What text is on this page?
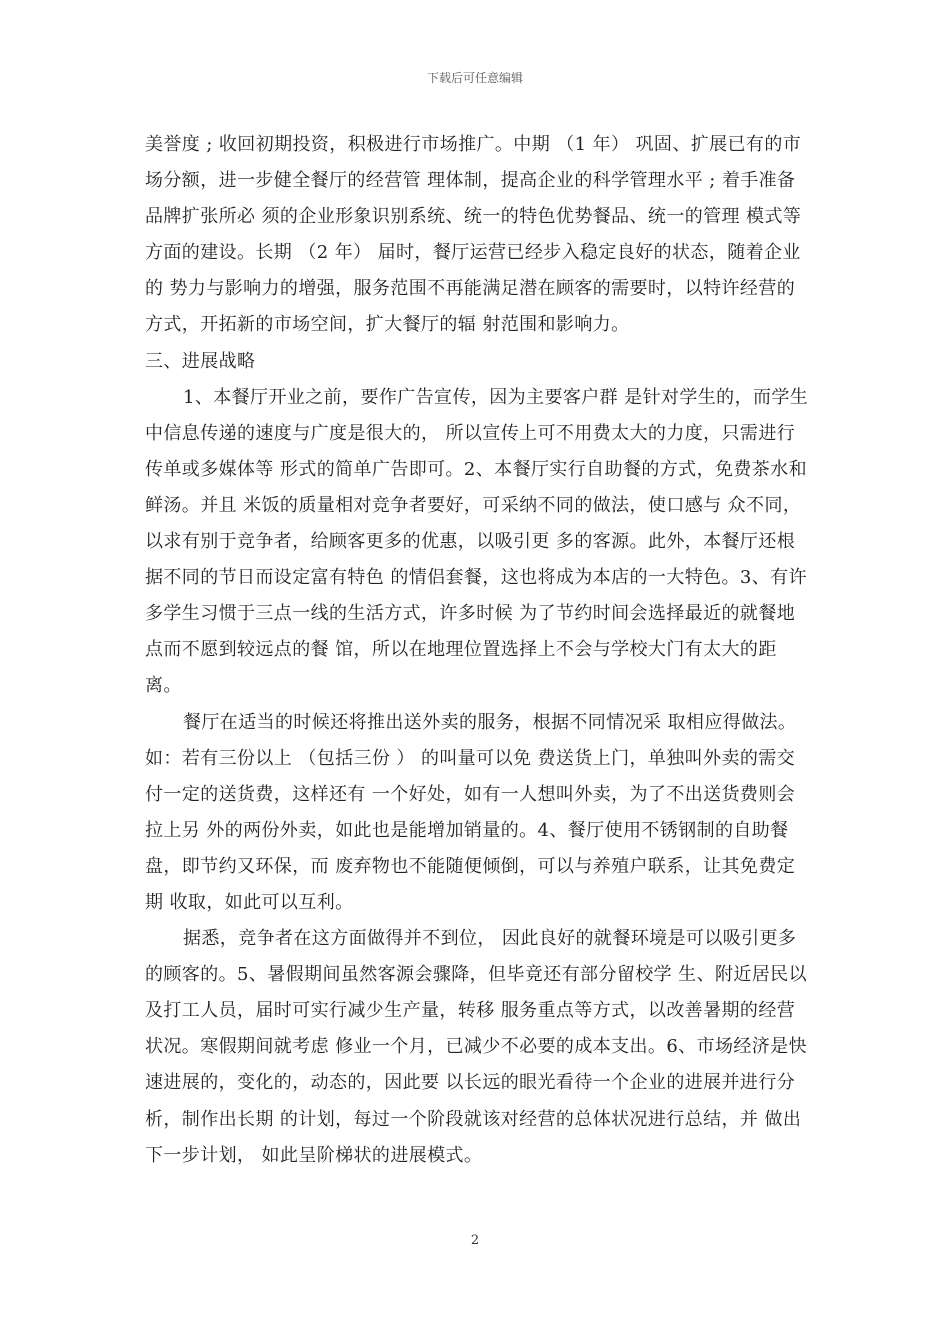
下载后可任意编辑

美誉度 ; 收回初期投资，积极进行市场推广。中期 （1 年） 巩固、扩展已有的市场分额，进一步健全餐厅的经营管 理体制，提高企业的科学管理水平 ; 着手准备品牌扩张所必 须的企业形象识别系统、统一的特色优势餐品、统一的管理 模式等方面的建设。长期 （2 年） 届时，餐厅运营已经步入稳定良好的状态，随着企业的 势力与影响力的增强，服务范围不再能满足潜在顾客的需要时，以特许经营的方式，开拓新的市场空间，扩大餐厅的辐 射范围和影响力。

三、进展战略

1、本餐厅开业之前，要作广告宣传，因为主要客户群 是针对学生的，而学生中信息传递的速度与广度是很大的， 所以宣传上可不用费太大的力度，只需进行传单或多媒体等 形式的简单广告即可。2、本餐厅实行自助餐的方式，免费茶水和鲜汤。并且 米饭的质量相对竞争者要好，可采纳不同的做法，使口感与 众不同，以求有别于竞争者，给顾客更多的优惠，以吸引更 多的客源。此外，本餐厅还根据不同的节日而设定富有特色 的情侣套餐，这也将成为本店的一大特色。3、有许多学生习惯于三点一线的生活方式，许多时候 为了节约时间会选择最近的就餐地点而不愿到较远点的餐 馆，所以在地理位置选择上不会与学校大门有太大的距离。

餐厅在适当的时候还将推出送外卖的服务，根据不同情况采 取相应得做法。如：若有三份以上 （包括三份 ） 的叫量可以免 费送货上门，单独叫外卖的需交付一定的送货费，这样还有 一个好处，如有一人想叫外卖，为了不出送货费则会拉上另 外的两份外卖，如此也是能增加销量的。4、餐厅使用不锈钢制的自助餐盘，即节约又环保，而 废弃物也不能随便倾倒，可以与养殖户联系，让其免费定期 收取，如此可以互利。

据悉，竞争者在这方面做得并不到位， 因此良好的就餐环境是可以吸引更多的顾客的。5、暑假期间虽然客源会骤降，但毕竟还有部分留校学 生、附近居民以及打工人员，届时可实行减少生产量，转移 服务重点等方式，以改善暑期的经营状况。寒假期间就考虑 修业一个月，已减少不必要的成本支出。6、市场经济是快速进展的，变化的，动态的，因此要 以长远的眼光看待一个企业的进展并进行分析，制作出长期 的计划，每过一个阶段就该对经营的总体状况进行总结，并 做出下一步计划， 如此呈阶梯状的进展模式。

2
